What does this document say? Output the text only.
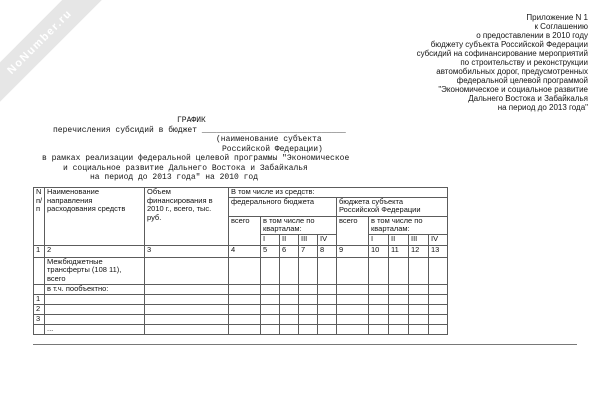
NoNumber.ru	Приложение N 1
к Соглашению
о предоставлении в 2010 году
бюджету субъекта Российской Федерации
субсидий на софинансирование мероприятий
по строительству и реконструкции
автомобильных дорог, предусмотренных
федеральной целевой программой
"Экономическое и социальное развитие
Дальнего Востока и Забайкалья
на период до 2013 года"
ГРАФИК
перечисления субсидий в бюджет ______________________________
(наименование субъекта
Российской Федерации)
в рамках реализации федеральной целевой программы "Экономическое
и социальное развитие Дальнего Востока и Забайкалья
на период до 2013 года" на 2010 год
N п/п	Наименование направления расходования средств	Объем финансирования в 2010 г., всего, тыс. руб.	В том числе из средств:									
			федерального бюджета					бюджета субъекта Российской Федерации				
			всего	в том числе по кварталам:				всего	в том числе по кварталам:			
				I	II	III	IV		I	II	III	IV
1	2	3	4	5	6	7	8	9	10	11	12	13
	Межбюджетные трансферты (108 11), всего											
	в т.ч. пообъектно:											
1												
2												
3												
	...											
